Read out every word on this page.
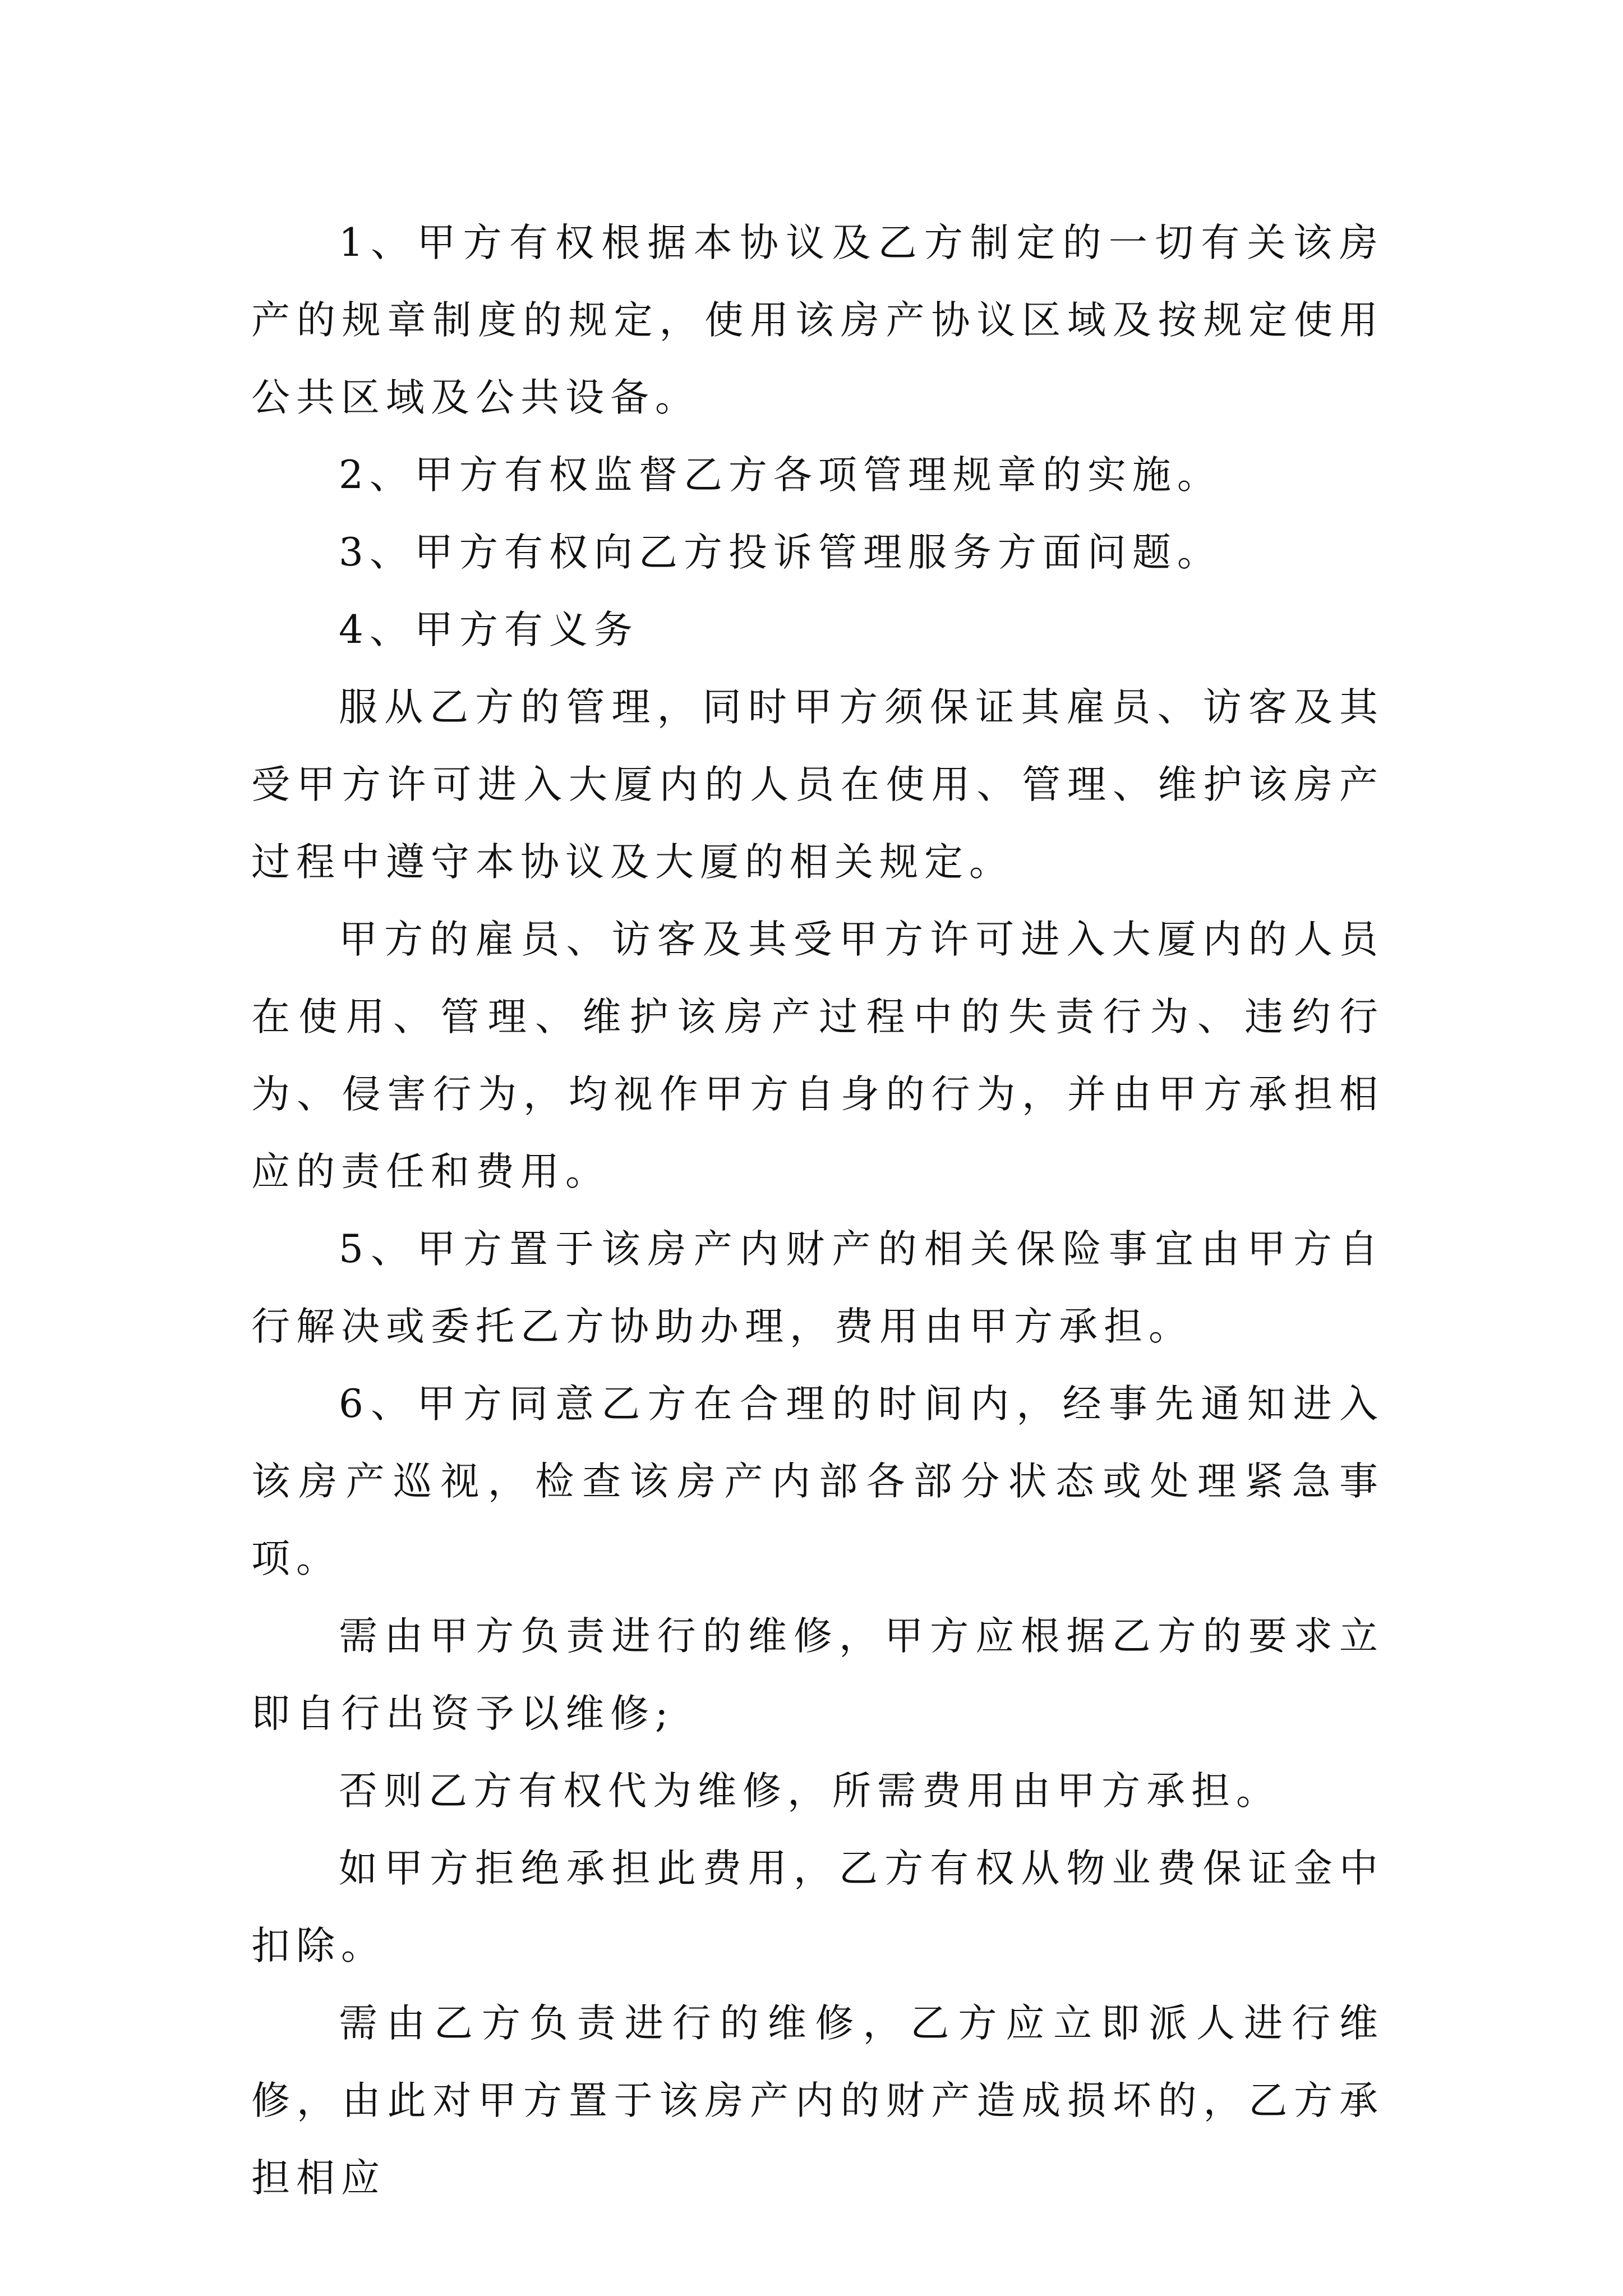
1、甲方有权根据本协议及乙方制定的一切有关该房产的规章制度的规定，使用该房产协议区域及按规定使用公共区域及公共设备。

2、甲方有权监督乙方各项管理规章的实施。

3、甲方有权向乙方投诉管理服务方面问题。

4、甲方有义务

服从乙方的管理，同时甲方须保证其雇员、访客及其受甲方许可进入大厦内的人员在使用、管理、维护该房产过程中遵守本协议及大厦的相关规定。

甲方的雇员、访客及其受甲方许可进入大厦内的人员在使用、管理、维护该房产过程中的失责行为、违约行为、侵害行为，均视作甲方自身的行为，并由甲方承担相应的责任和费用。

5、甲方置于该房产内财产的相关保险事宜由甲方自行解决或委托乙方协助办理，费用由甲方承担。

6、甲方同意乙方在合理的时间内，经事先通知进入该房产巡视，检查该房产内部各部分状态或处理紧急事项。

需由甲方负责进行的维修，甲方应根据乙方的要求立即自行出资予以维修;

否则乙方有权代为维修，所需费用由甲方承担。

如甲方拒绝承担此费用，乙方有权从物业费保证金中扣除。

需由乙方负责进行的维修，乙方应立即派人进行维修，由此对甲方置于该房产内的财产造成损坏的，乙方承担相应
